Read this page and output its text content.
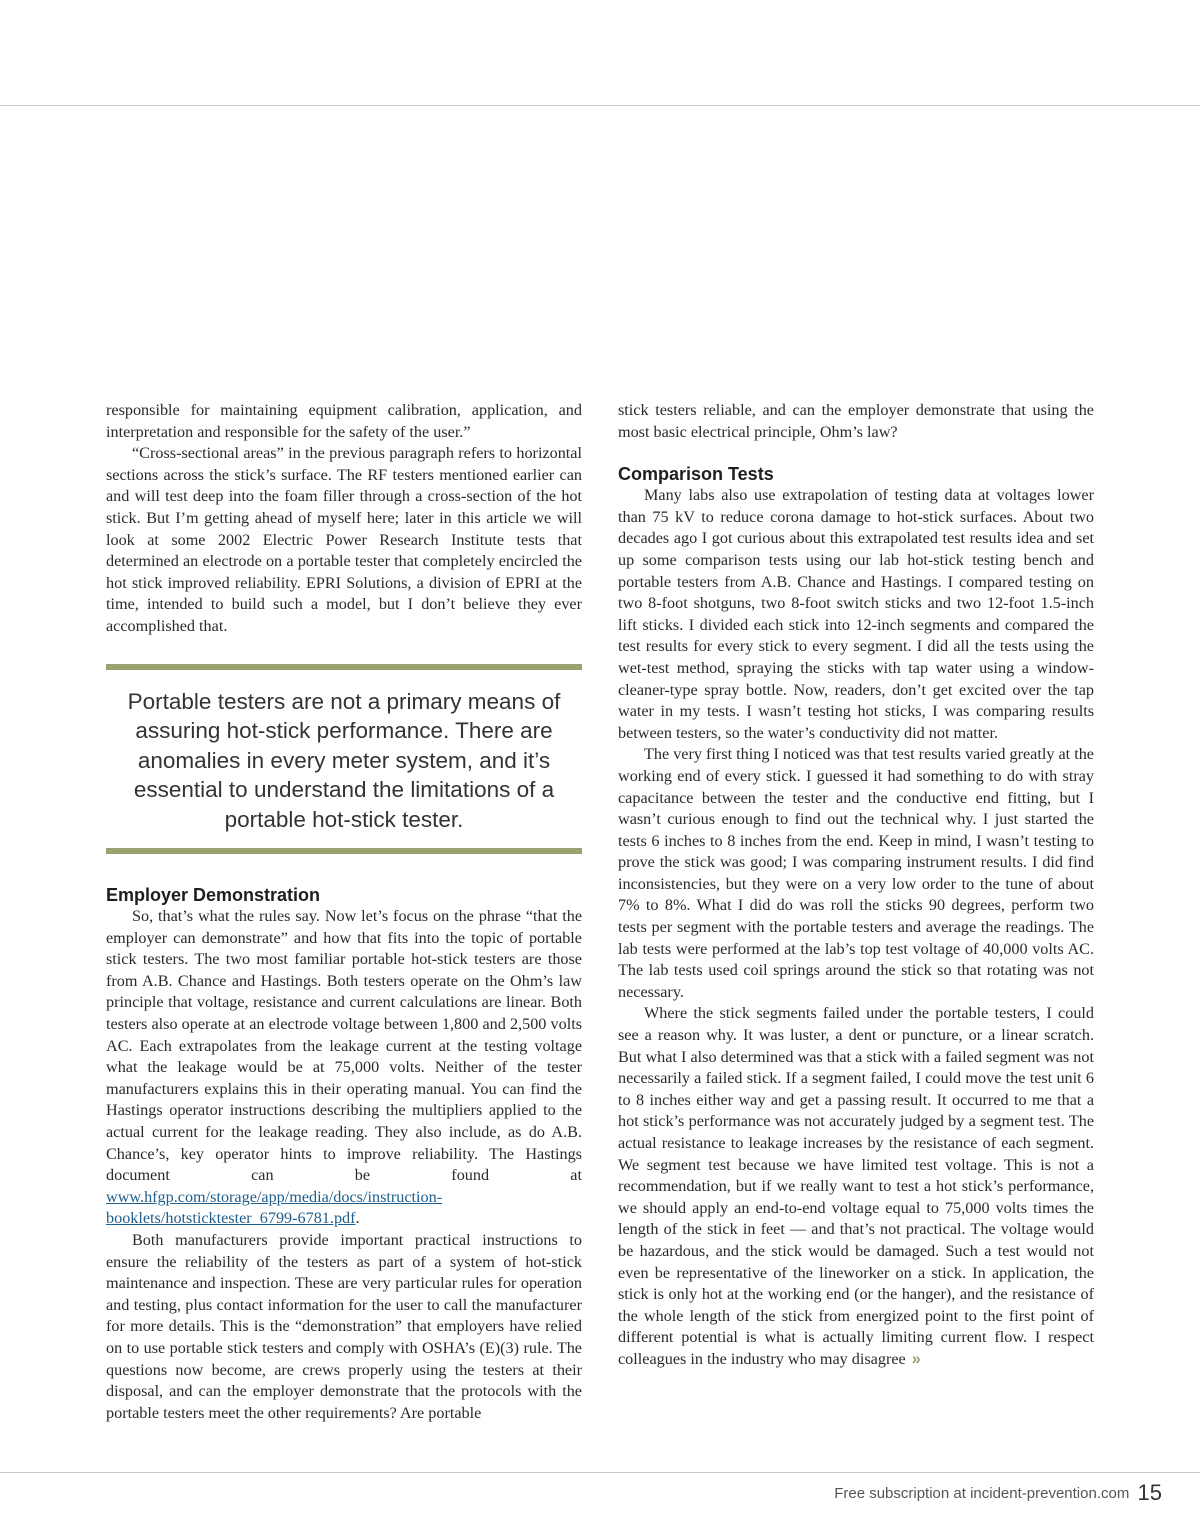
responsible for maintaining equipment calibration, application, and interpretation and responsible for the safety of the user.”

“Cross-sectional areas” in the previous paragraph refers to horizontal sections across the stick’s surface. The RF testers mentioned earlier can and will test deep into the foam filler through a cross-section of the hot stick. But I’m getting ahead of myself here; later in this article we will look at some 2002 Electric Power Research Institute tests that determined an electrode on a portable tester that completely encircled the hot stick improved reliability. EPRI Solutions, a division of EPRI at the time, intended to build such a model, but I don’t believe they ever accomplished that.

Portable testers are not a primary means of assuring hot-stick performance. There are anomalies in every meter system, and it’s essential to understand the limitations of a portable hot-stick tester.
Employer Demonstration

So, that’s what the rules say. Now let’s focus on the phrase “that the employer can demonstrate” and how that fits into the topic of portable stick testers. The two most familiar portable hot-stick testers are those from A.B. Chance and Hastings. Both testers operate on the Ohm’s law principle that voltage, resistance and current calculations are linear. Both testers also operate at an electrode voltage between 1,800 and 2,500 volts AC. Each extrapolates from the leakage current at the testing voltage what the leakage would be at 75,000 volts. Neither of the tester manufacturers explains this in their operating manual. You can find the Hastings operator instructions describing the multipliers applied to the actual current for the leakage reading. They also include, as do A.B. Chance’s, key operator hints to improve reliability. The Hastings document can be found at www.hfgp.com/storage/app/media/docs/instruction-booklets/hotsticktester_6799-6781.pdf.

Both manufacturers provide important practical instructions to ensure the reliability of the testers as part of a system of hot-stick maintenance and inspection. These are very particular rules for operation and testing, plus contact information for the user to call the manufacturer for more details. This is the “demonstration” that employers have relied on to use portable stick testers and comply with OSHA’s (E)(3) rule. The questions now become, are crews properly using the testers at their disposal, and can the employer demonstrate that the protocols with the portable testers meet the other requirements? Are portable

stick testers reliable, and can the employer demonstrate that using the most basic electrical principle, Ohm’s law?

Comparison Tests

Many labs also use extrapolation of testing data at voltages lower than 75 kV to reduce corona damage to hot-stick surfaces. About two decades ago I got curious about this extrapolated test results idea and set up some comparison tests using our lab hot-stick testing bench and portable testers from A.B. Chance and Hastings. I compared testing on two 8-foot shotguns, two 8-foot switch sticks and two 12-foot 1.5-inch lift sticks. I divided each stick into 12-inch segments and compared the test results for every stick to every segment. I did all the tests using the wet-test method, spraying the sticks with tap water using a window-cleaner-type spray bottle. Now, readers, don’t get excited over the tap water in my tests. I wasn’t testing hot sticks, I was comparing results between testers, so the water’s conductivity did not matter.

The very first thing I noticed was that test results varied greatly at the working end of every stick. I guessed it had something to do with stray capacitance between the tester and the conductive end fitting, but I wasn’t curious enough to find out the technical why. I just started the tests 6 inches to 8 inches from the end. Keep in mind, I wasn’t testing to prove the stick was good; I was comparing instrument results. I did find inconsistencies, but they were on a very low order to the tune of about 7% to 8%. What I did do was roll the sticks 90 degrees, perform two tests per segment with the portable testers and average the readings. The lab tests were performed at the lab’s top test voltage of 40,000 volts AC. The lab tests used coil springs around the stick so that rotating was not necessary.

Where the stick segments failed under the portable testers, I could see a reason why. It was luster, a dent or puncture, or a linear scratch. But what I also determined was that a stick with a failed segment was not necessarily a failed stick. If a segment failed, I could move the test unit 6 to 8 inches either way and get a passing result. It occurred to me that a hot stick’s performance was not accurately judged by a segment test. The actual resistance to leakage increases by the resistance of each segment. We segment test because we have limited test voltage. This is not a recommendation, but if we really want to test a hot stick’s performance, we should apply an end-to-end voltage equal to 75,000 volts times the length of the stick in feet — and that’s not practical. The voltage would be hazardous, and the stick would be damaged. Such a test would not even be representative of the lineworker on a stick. In application, the stick is only hot at the working end (or the hanger), and the resistance of the whole length of the stick from energized point to the first point of different potential is what is actually limiting current flow. I respect colleagues in the industry who may disagree »

Free subscription at incident-prevention.com 15
